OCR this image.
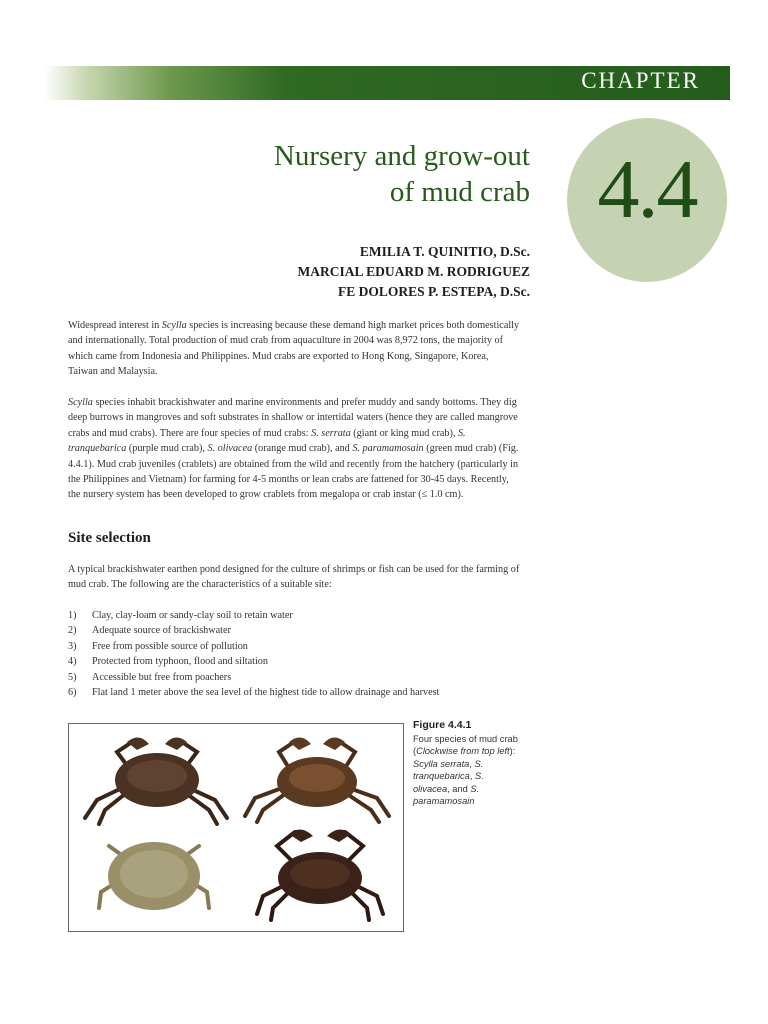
CHAPTER
4.4
Nursery and grow-out
of mud crab
EMILIA T. QUINITIO, D.Sc.
MARCIAL EDUARD M. RODRIGUEZ
FE DOLORES P. ESTEPA, D.Sc.
Widespread interest in Scylla species is increasing because these demand high market prices both domestically and internationally. Total production of mud crab from aquaculture in 2004 was 8,972 tons, the majority of which came from Indonesia and Philippines. Mud crabs are exported to Hong Kong, Singapore, Korea, Taiwan and Malaysia.
Scylla species inhabit brackishwater and marine environments and prefer muddy and sandy bottoms. They dig deep burrows in mangroves and soft substrates in shallow or intertidal waters (hence they are called mangrove crabs and mud crabs). There are four species of mud crabs: S. serrata (giant or king mud crab), S. tranquebarica (purple mud crab), S. olivacea (orange mud crab), and S. paramamosain (green mud crab) (Fig. 4.4.1). Mud crab juveniles (crablets) are obtained from the wild and recently from the hatchery (particularly in the Philippines and Vietnam) for farming for 4-5 months or lean crabs are fattened for 30-45 days. Recently, the nursery system has been developed to grow crablets from megalopa or crab instar (≤ 1.0 cm).
Site selection
A typical brackishwater earthen pond designed for the culture of shrimps or fish can be used for the farming of mud crab. The following are the characteristics of a suitable site:
1)	Clay, clay-loam or sandy-clay soil to retain water
2)	Adequate source of brackishwater
3)	Free from possible source of pollution
4)	Protected from typhoon, flood and siltation
5)	Accessible but free from poachers
6)	Flat land 1 meter above the sea level of the highest tide to allow drainage and harvest
Figure 4.4.1
Four species of mud crab (Clockwise from top left): Scylla serrata, S. tranquebarica, S. olivacea, and S. paramamosain
